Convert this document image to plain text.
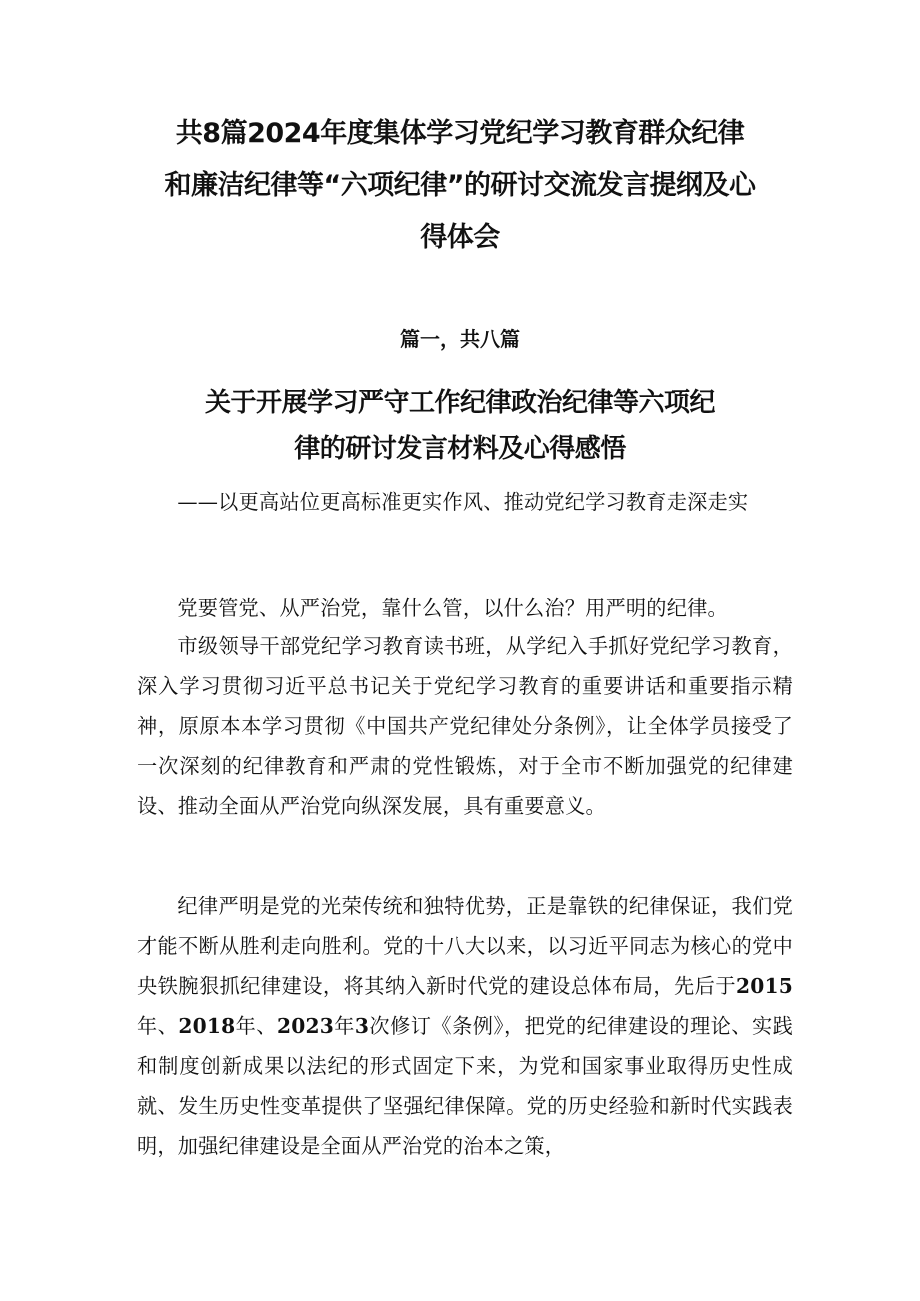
共8篇2024年度集体学习党纪学习教育群众纪律
和廉洁纪律等“六项纪律”的研讨交流发言提纲及心
得体会
篇一，共八篇
关于开展学习严守工作纪律政治纪律等六项纪
律的研讨发言材料及心得感悟

——以更高站位更高标准更实作风、推动党纪学习教育走深走实

党要管党、从严治党，靠什么管，以什么治？用严明的纪律。

市级领导干部党纪学习教育读书班，从学纪入手抓好党纪学习教育，深入学习贯彻习近平总书记关于党纪学习教育的重要讲话和重要指示精神，原原本本学习贯彻《中国共产党纪律处分条例》，让全体学员接受了一次深刻的纪律教育和严肃的党性锻炼，对于全市不断加强党的纪律建设、推动全面从严治党向纵深发展，具有重要意义。

纪律严明是党的光荣传统和独特优势，正是靠铁的纪律保证，我们党才能不断从胜利走向胜利。党的十八大以来，以习近平同志为核心的党中央铁腕狠抓纪律建设，将其纳入新时代党的建设总体布局，先后于2015年、2018年、2023年3次修订《条例》，把党的纪律建设的理论、实践和制度创新成果以法纪的形式固定下来，为党和国家事业取得历史性成就、发生历史性变革提供了坚强纪律保障。党的历史经验和新时代实践表明，加强纪律建设是全面从严治党的治本之策，
